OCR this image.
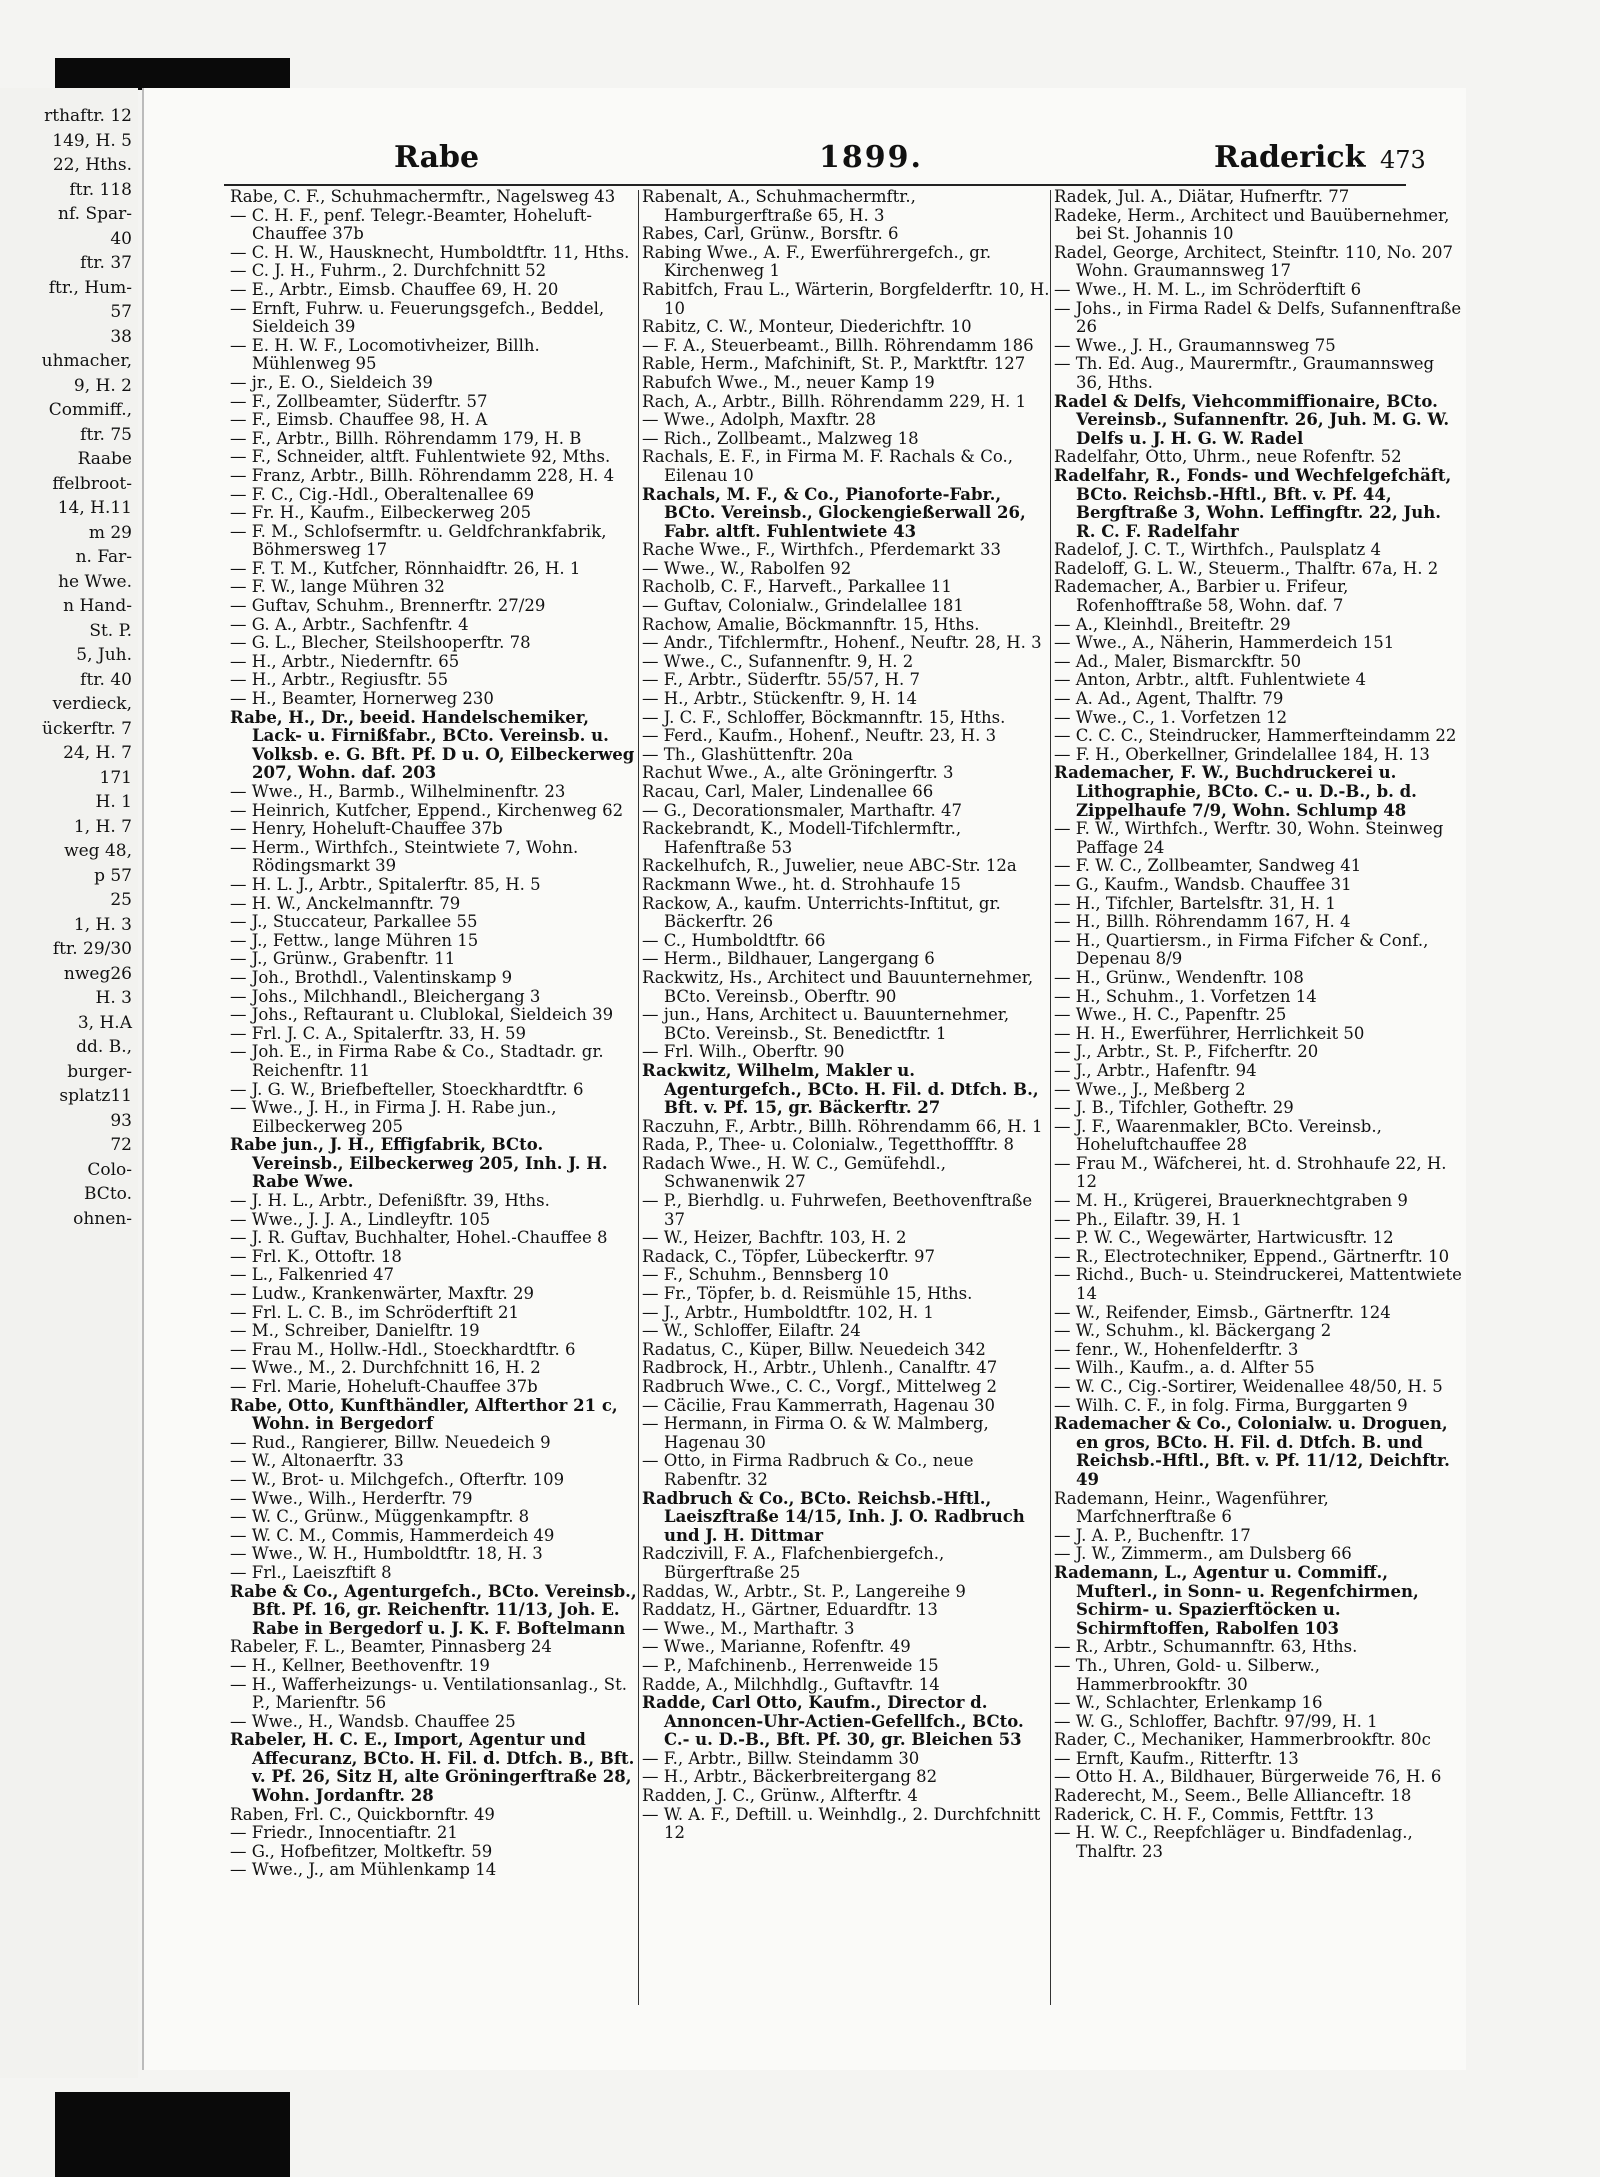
rthaftr. 12
149, H. 5
22, Hths.
ftr. 118
nf. Spar-
40
ftr. 37
ftr., Hum-
57
38
uhmacher,
9, H. 2
Commiff.,
ftr. 75
Raabe
ffelbroot-
14, H.11
m 29
n. Far-
he Wwe.
n Hand-
St. P.
5, Juh.
ftr. 40
verdieck,
ückerftr. 7
24, H. 7
171
H. 1
1, H. 7
weg 48,
p 57
25
1, H. 3
ftr. 29/30
nweg26
H. 3
3, H.A
dd. B.,
burger-
splatz11
93
72
Colo-
BCto.
ohnen-
Rabe	1899.	Raderick 473
Rabe, C. F., Schuhmachermftr., Nagelsweg 43
— C. H. F., penf. Telegr.-Beamter, Hoheluft-Chauffee 37b
— C. H. W., Hausknecht, Humboldtftr. 11, Hths.
— C. J. H., Fuhrm., 2. Durchfchnitt 52
— E., Arbtr., Eimsb. Chauffee 69, H. 20
— Ernft, Fuhrw. u. Feuerungsgefch., Beddel, Sieldeich 39
— E. H. W. F., Locomotivheizer, Billh. Mühlenweg 95
— jr., E. O., Sieldeich 39
— F., Zollbeamter, Süderftr. 57
— F., Eimsb. Chauffee 98, H. A
— F., Arbtr., Billh. Röhrendamm 179, H. B
— F., Schneider, altft. Fuhlentwiete 92, Mths.
— Franz, Arbtr., Billh. Röhrendamm 228, H. 4
— F. C., Cig.-Hdl., Oberaltenallee 69
— Fr. H., Kaufm., Eilbeckerweg 205
— F. M., Schlofsermftr. u. Geldfchrankfabrik, Böhmersweg 17
— F. T. M., Kutfcher, Rönnhaidftr. 26, H. 1
— F. W., lange Mühren 32
— Guftav, Schuhm., Brennerftr. 27/29
— G. A., Arbtr., Sachfenftr. 4
— G. L., Blecher, Steilshooperftr. 78
— H., Arbtr., Niedernftr. 65
— H., Arbtr., Regiusftr. 55
— H., Beamter, Hornerweg 230
Rabe, H., Dr., beeid. Handelschemiker, Lack- u. Firnißfabr., BCto. Vereinsb. u. Volksb. e. G. Bft. Pf. D u. O, Eilbeckerweg 207, Wohn. daf. 203
— Wwe., H., Barmb., Wilhelminenftr. 23
— Heinrich, Kutfcher, Eppend., Kirchenweg 62
— Henry, Hoheluft-Chauffee 37b
— Herm., Wirthfch., Steintwiete 7, Wohn. Rödingsmarkt 39
— H. L. J., Arbtr., Spitalerftr. 85, H. 5
— H. W., Anckelmannftr. 79
— J., Stuccateur, Parkallee 55
— J., Fettw., lange Mühren 15
— J., Grünw., Grabenftr. 11
— Joh., Brothdl., Valentinskamp 9
— Johs., Milchhandl., Bleichergang 3
— Johs., Reftaurant u. Clublokal, Sieldeich 39
— Frl. J. C. A., Spitalerftr. 33, H. 59
— Joh. E., in Firma Rabe & Co., Stadtadr. gr. Reichenftr. 11
— J. G. W., Briefbefteller, Stoeckhardtftr. 6
— Wwe., J. H., in Firma J. H. Rabe jun., Eilbeckerweg 205
Rabe jun., J. H., Effigfabrik, BCto. Vereinsb., Eilbeckerweg 205, Inh. J. H. Rabe Wwe.
— J. H. L., Arbtr., Defenißftr. 39, Hths.
— Wwe., J. J. A., Lindleyftr. 105
— J. R. Guftav, Buchhalter, Hohel.-Chauffee 8
— Frl. K., Ottoftr. 18
— L., Falkenried 47
— Ludw., Krankenwärter, Maxftr. 29
— Frl. L. C. B., im Schröderftift 21
— M., Schreiber, Danielftr. 19
— Frau M., Hollw.-Hdl., Stoeckhardtftr. 6
— Wwe., M., 2. Durchfchnitt 16, H. 2
— Frl. Marie, Hoheluft-Chauffee 37b
Rabe, Otto, Kunfthändler, Alfterthor 21 c, Wohn. in Bergedorf
— Rud., Rangierer, Billw. Neuedeich 9
— W., Altonaerftr. 33
— W., Brot- u. Milchgefch., Ofterftr. 109
— Wwe., Wilh., Herderftr. 79
— W. C., Grünw., Müggenkampftr. 8
— W. C. M., Commis, Hammerdeich 49
— Wwe., W. H., Humboldtftr. 18, H. 3
— Frl., Laeiszftift 8
Rabe & Co., Agenturgefch., BCto. Vereinsb., Bft. Pf. 16, gr. Reichenftr. 11/13, Joh. E. Rabe in Bergedorf u. J. K. F. Boftelmann
Rabeler, F. L., Beamter, Pinnasberg 24
— H., Kellner, Beethovenftr. 19
— H., Wafferheizungs- u. Ventilationsanlag., St. P., Marienftr. 56
— Wwe., H., Wandsb. Chauffee 25
Rabeler, H. C. E., Import, Agentur und Affecuranz, BCto. H. Fil. d. Dtfch. B., Bft. v. Pf. 26, Sitz H, alte Gröningerftraße 28, Wohn. Jordanftr. 28
Raben, Frl. C., Quickbornftr. 49
— Friedr., Innocentiaftr. 21
— G., Hofbefitzer, Moltkeftr. 59
— Wwe., J., am Mühlenkamp 14
Rabenalt, A., Schuhmachermftr., Hamburgerftraße 65, H. 3
Rabes, Carl, Grünw., Borsftr. 6
Rabing Wwe., A. F., Ewerführergefch., gr. Kirchenweg 1
Rabitfch, Frau L., Wärterin, Borgfelderftr. 10, H. 10
Rabitz, C. W., Monteur, Diederichftr. 10
— F. A., Steuerbeamt., Billh. Röhrendamm 186
Rable, Herm., Mafchinift, St. P., Marktftr. 127
Rabufch Wwe., M., neuer Kamp 19
Rach, A., Arbtr., Billh. Röhrendamm 229, H. 1
— Wwe., Adolph, Maxftr. 28
— Rich., Zollbeamt., Malzweg 18
Rachals, E. F., in Firma M. F. Rachals & Co., Eilenau 10
Rachals, M. F., & Co., Pianoforte-Fabr., BCto. Vereinsb., Glockengießerwall 26, Fabr. altft. Fuhlentwiete 43
Rache Wwe., F., Wirthfch., Pferdemarkt 33
— Wwe., W., Rabolfen 92
Racholb, C. F., Harveft., Parkallee 11
— Guftav, Colonialw., Grindelallee 181
Rachow, Amalie, Böckmannftr. 15, Hths.
— Andr., Tifchlermftr., Hohenf., Neuftr. 28, H. 3
— Wwe., C., Sufannenftr. 9, H. 2
— F., Arbtr., Süderftr. 55/57, H. 7
— H., Arbtr., Stückenftr. 9, H. 14
— J. C. F., Schloffer, Böckmannftr. 15, Hths.
— Ferd., Kaufm., Hohenf., Neuftr. 23, H. 3
— Th., Glashüttenftr. 20a
Rachut Wwe., A., alte Gröningerftr. 3
Racau, Carl, Maler, Lindenallee 66
— G., Decorationsmaler, Marthaftr. 47
Rackebrandt, K., Modell-Tifchlermftr., Hafenftraße 53
Rackelhufch, R., Juwelier, neue ABC-Str. 12a
Rackmann Wwe., ht. d. Strohhaufe 15
Rackow, A., kaufm. Unterrichts-Inftitut, gr. Bäckerftr. 26
— C., Humboldtftr. 66
— Herm., Bildhauer, Langergang 6
Rackwitz, Hs., Architect und Bauunternehmer, BCto. Vereinsb., Oberftr. 90
— jun., Hans, Architect u. Bauunternehmer, BCto. Vereinsb., St. Benedictftr. 1
— Frl. Wilh., Oberftr. 90
Rackwitz, Wilhelm, Makler u. Agenturgefch., BCto. H. Fil. d. Dtfch. B., Bft. v. Pf. 15, gr. Bäckerftr. 27
Raczuhn, F., Arbtr., Billh. Röhrendamm 66, H. 1
Rada, P., Thee- u. Colonialw., Tegetthoffftr. 8
Radach Wwe., H. W. C., Gemüfehdl., Schwanenwik 27
— P., Bierhdlg. u. Fuhrwefen, Beethovenftraße 37
— W., Heizer, Bachftr. 103, H. 2
Radack, C., Töpfer, Lübeckerftr. 97
— F., Schuhm., Bennsberg 10
— Fr., Töpfer, b. d. Reismühle 15, Hths.
— J., Arbtr., Humboldtftr. 102, H. 1
— W., Schloffer, Eilaftr. 24
Radatus, C., Küper, Billw. Neuedeich 342
Radbrock, H., Arbtr., Uhlenh., Canalftr. 47
Radbruch Wwe., C. C., Vorgf., Mittelweg 2
— Cäcilie, Frau Kammerrath, Hagenau 30
— Hermann, in Firma O. & W. Malmberg, Hagenau 30
— Otto, in Firma Radbruch & Co., neue Rabenftr. 32
Radbruch & Co., BCto. Reichsb.-Hftl., Laeiszftraße 14/15, Inh. J. O. Radbruch und J. H. Dittmar
Radczivill, F. A., Flafchenbiergefch., Bürgerftraße 25
Raddas, W., Arbtr., St. P., Langereihe 9
Raddatz, H., Gärtner, Eduardftr. 13
— Wwe., M., Marthaftr. 3
— Wwe., Marianne, Rofenftr. 49
— P., Mafchinenb., Herrenweide 15
Radde, A., Milchhdlg., Guftavftr. 14
Radde, Carl Otto, Kaufm., Director d. Annoncen-Uhr-Actien-Gefellfch., BCto. C.- u. D.-B., Bft. Pf. 30, gr. Bleichen 53
— F., Arbtr., Billw. Steindamm 30
— H., Arbtr., Bäckerbreitergang 82
Radden, J. C., Grünw., Alfterftr. 4
— W. A. F., Deftill. u. Weinhdlg., 2. Durchfchnitt 12
Radek, Jul. A., Diätar, Hufnerftr. 77
Radeke, Herm., Architect und Bauübernehmer, bei St. Johannis 10
Radel, George, Architect, Steinftr. 110, No. 207 Wohn. Graumannsweg 17
— Wwe., H. M. L., im Schröderftift 6
— Johs., in Firma Radel & Delfs, Sufannenftraße 26
— Wwe., J. H., Graumannsweg 75
— Th. Ed. Aug., Maurermftr., Graumannsweg 36, Hths.
Radel & Delfs, Viehcommiffionaire, BCto. Vereinsb., Sufannenftr. 26, Juh. M. G. W. Delfs u. J. H. G. W. Radel
Radelfahr, Otto, Uhrm., neue Rofenftr. 52
Radelfahr, R., Fonds- und Wechfelgefchäft, BCto. Reichsb.-Hftl., Bft. v. Pf. 44, Bergftraße 3, Wohn. Leffingftr. 22, Juh. R. C. F. Radelfahr
Radelof, J. C. T., Wirthfch., Paulsplatz 4
Radeloff, G. L. W., Steuerm., Thalftr. 67a, H. 2
Rademacher, A., Barbier u. Frifeur, Rofenhofftraße 58, Wohn. daf. 7
— A., Kleinhdl., Breiteftr. 29
— Wwe., A., Näherin, Hammerdeich 151
— Ad., Maler, Bismarckftr. 50
— Anton, Arbtr., altft. Fuhlentwiete 4
— A. Ad., Agent, Thalftr. 79
— Wwe., C., 1. Vorfetzen 12
— C. C. C., Steindrucker, Hammerfteindamm 22
— F. H., Oberkellner, Grindelallee 184, H. 13
Rademacher, F. W., Buchdruckerei u. Lithographie, BCto. C.- u. D.-B., b. d. Zippelhaufe 7/9, Wohn. Schlump 48
— F. W., Wirthfch., Werftr. 30, Wohn. Steinweg Paffage 24
— F. W. C., Zollbeamter, Sandweg 41
— G., Kaufm., Wandsb. Chauffee 31
— H., Tifchler, Bartelsftr. 31, H. 1
— H., Billh. Röhrendamm 167, H. 4
— H., Quartiersm., in Firma Fifcher & Conf., Depenau 8/9
— H., Grünw., Wendenftr. 108
— H., Schuhm., 1. Vorfetzen 14
— Wwe., H. C., Papenftr. 25
— H. H., Ewerführer, Herrlichkeit 50
— J., Arbtr., St. P., Fifcherftr. 20
— J., Arbtr., Hafenftr. 94
— Wwe., J., Meßberg 2
— J. B., Tifchler, Gotheftr. 29
— J. F., Waarenmakler, BCto. Vereinsb., Hoheluftchauffee 28
— Frau M., Wäfcherei, ht. d. Strohhaufe 22, H. 12
— M. H., Krügerei, Brauerknechtgraben 9
— Ph., Eilaftr. 39, H. 1
— P. W. C., Wegewärter, Hartwicusftr. 12
— R., Electrotechniker, Eppend., Gärtnerftr. 10
— Richd., Buch- u. Steindruckerei, Mattentwiete 14
— W., Reifender, Eimsb., Gärtnerftr. 124
— W., Schuhm., kl. Bäckergang 2
— fenr., W., Hohenfelderftr. 3
— Wilh., Kaufm., a. d. Alfter 55
— W. C., Cig.-Sortirer, Weidenallee 48/50, H. 5
— Wilh. C. F., in folg. Firma, Burggarten 9
Rademacher & Co., Colonialw. u. Droguen, en gros, BCto. H. Fil. d. Dtfch. B. und Reichsb.-Hftl., Bft. v. Pf. 11/12, Deichftr. 49
Rademann, Heinr., Wagenführer, Marfchnerftraße 6
— J. A. P., Buchenftr. 17
— J. W., Zimmerm., am Dulsberg 66
Rademann, L., Agentur u. Commiff., Mufterl., in Sonn- u. Regenfchirmen, Schirm- u. Spazierftöcken u. Schirmftoffen, Rabolfen 103
— R., Arbtr., Schumannftr. 63, Hths.
— Th., Uhren, Gold- u. Silberw., Hammerbrookftr. 30
— W., Schlachter, Erlenkamp 16
— W. G., Schloffer, Bachftr. 97/99, H. 1
Rader, C., Mechaniker, Hammerbrookftr. 80c
— Ernft, Kaufm., Ritterftr. 13
— Otto H. A., Bildhauer, Bürgerweide 76, H. 6
Raderecht, M., Seem., Belle Allianceftr. 18
Raderick, C. H. F., Commis, Fettftr. 13
— H. W. C., Reepfchläger u. Bindfadenlag., Thalftr. 23
